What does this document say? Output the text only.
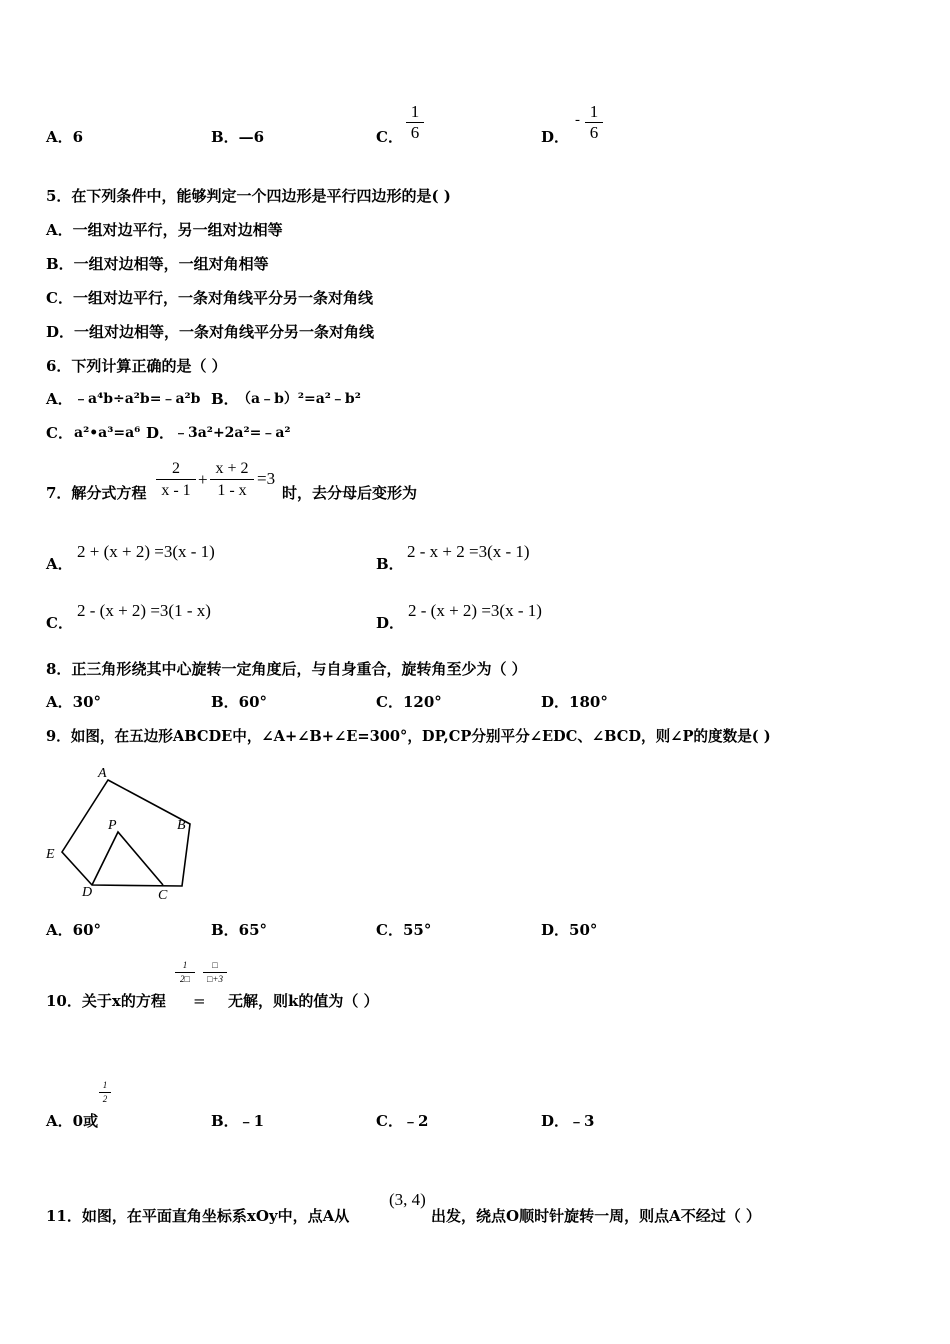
A．6	B．—6	C． $\frac{1}{6}$	D．
- $\frac{1}{6}$
5．在下列条件中，能够判定一个四边形是平行四边形的是( )
A．一组对边平行，另一组对边相等
B．一组对边相等，一组对角相等
C．一组对边平行，一条对角线平分另一条对角线
D．一组对边相等，一条对角线平分另一条对角线
6．下列计算正确的是（ ）
A． ﹣a⁴b÷a²b=﹣a²b B．
（a﹣b）²=a²﹣b²
C． a²•a³=a⁶ D． ﹣3a²+2a²=﹣a²
7．解分式方程 $\frac{2}{x - 1} + \frac{x + 2}{1 - x} =3$
时，去分母后变形为
A．
2 + (x + 2) =3(x - 1)
B．
2 - x + 2 =3(x - 1)
C．
2 - (x + 2) =3(1 - x)
D．
2 - (x + 2) =3(x - 1)
8．正三角形绕其中心旋转一定角度后，与自身重合，旋转角至少为（ ）
A．30°	B．60°	C．120°	D．180°
9．如图，在五边形ABCDE中，∠A+∠B+∠E=300°，DP,CP分别平分∠EDC、∠BCD，则∠P的度数是( )
A
B
C
D
E
P
A．60°	B．65°	C．55°	D．50°
10．关于x的方程
$\frac{1}{2□}$
=
□
□+3
无解，则k的值为（ ）
A．0或
$\frac{1}{2}$
B．﹣1	C．﹣2	D．﹣3
11．如图，在平面直角坐标系xOy中，点A从
(3, 4)
出发，绕点O顺时针旋转一周，则点A不经过（ ）
